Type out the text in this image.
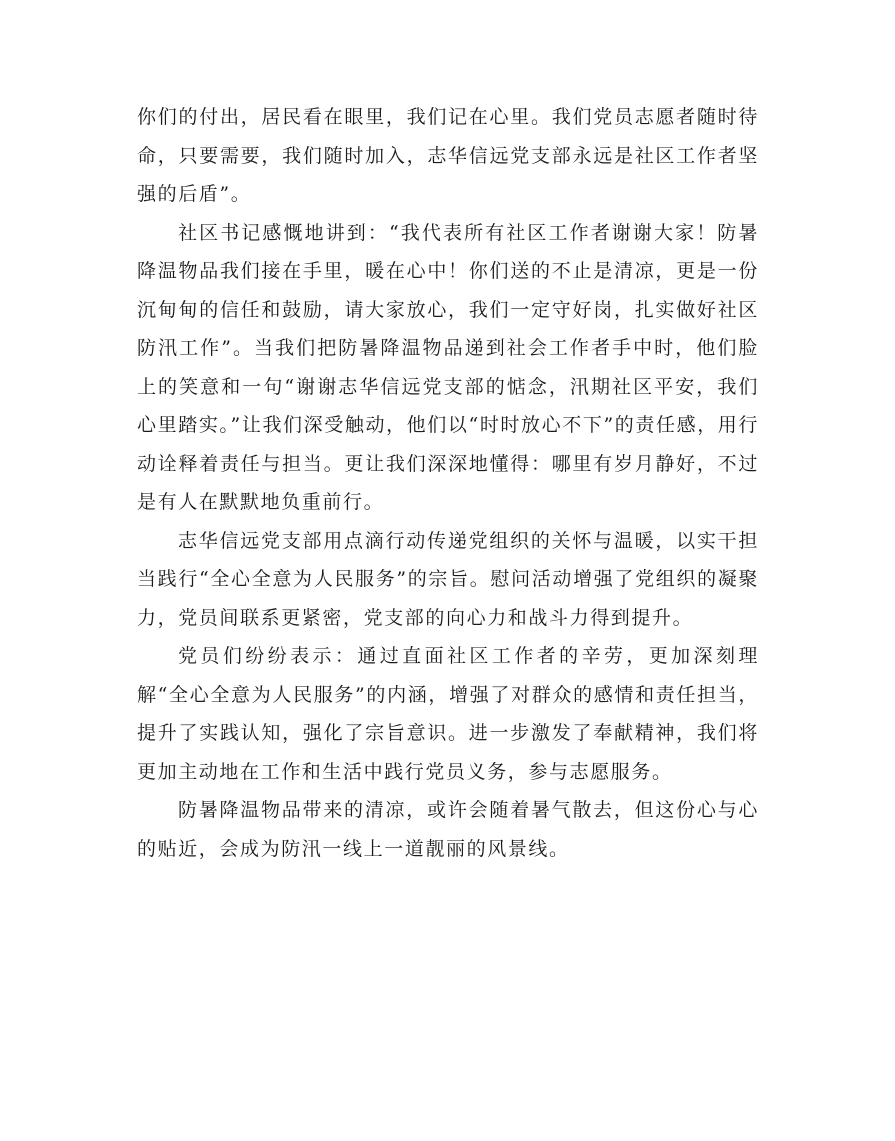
你们的付出，居民看在眼里，我们记在心里。我们党员志愿者随时待命，只要需要，我们随时加入，志华信远党支部永远是社区工作者坚强的后盾”。

社区书记感慨地讲到：“我代表所有社区工作者谢谢大家！防暑降温物品我们接在手里，暖在心中！你们送的不止是清凉，更是一份沉甸甸的信任和鼓励，请大家放心，我们一定守好岗，扎实做好社区防汛工作”。当我们把防暑降温物品递到社会工作者手中时，他们脸上的笑意和一句“谢谢志华信远党支部的惦念，汛期社区平安，我们心里踏实。”让我们深受触动，他们以“时时放心不下”的责任感，用行动诠释着责任与担当。更让我们深深地懂得：哪里有岁月静好，不过是有人在默默地负重前行。

志华信远党支部用点滴行动传递党组织的关怀与温暖，以实干担当践行“全心全意为人民服务”的宗旨。慰问活动增强了党组织的凝聚力，党员间联系更紧密，党支部的向心力和战斗力得到提升。

党员们纷纷表示：通过直面社区工作者的辛劳，更加深刻理解“全心全意为人民服务”的内涵，增强了对群众的感情和责任担当，提升了实践认知，强化了宗旨意识。进一步激发了奉献精神，我们将更加主动地在工作和生活中践行党员义务，参与志愿服务。

防暑降温物品带来的清凉，或许会随着暑气散去，但这份心与心的贴近，会成为防汛一线上一道靓丽的风景线。
